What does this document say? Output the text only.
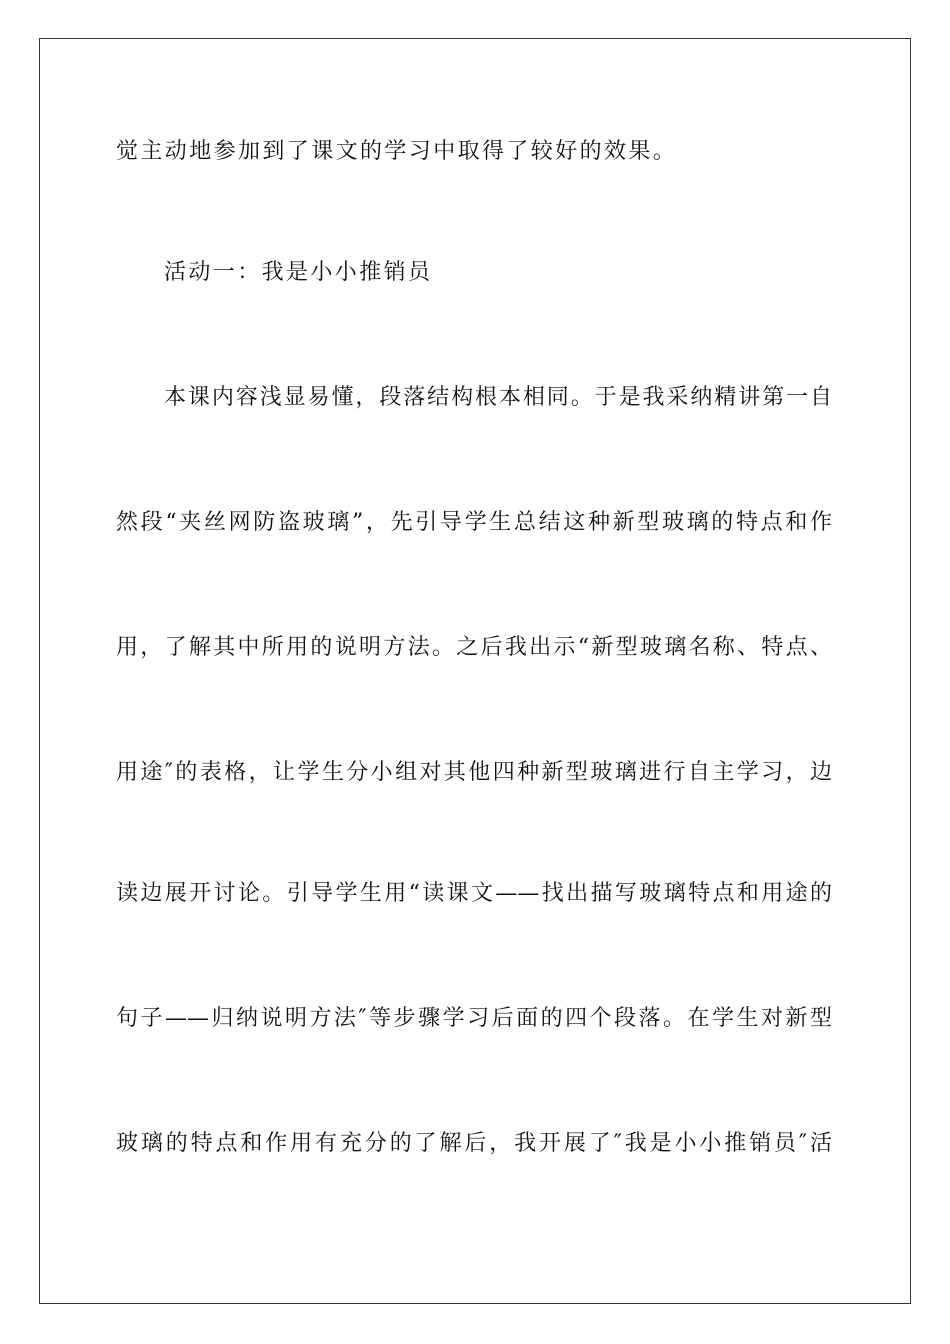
觉主动地参加到了课文的学习中取得了较好的效果。
活动一：我是小小推销员
本课内容浅显易懂，段落结构根本相同。于是我采纳精讲第一自
然段“夹丝网防盗玻璃”，先引导学生总结这种新型玻璃的特点和作
用，了解其中所用的说明方法。之后我出示“新型玻璃名称、特点、
用途″的表格，让学生分小组对其他四种新型玻璃进行自主学习，边
读边展开讨论。引导学生用“读课文——找出描写玻璃特点和用途的
句子——归纳说明方法″等步骤学习后面的四个段落。在学生对新型
玻璃的特点和作用有充分的了解后，我开展了″我是小小推销员″活
